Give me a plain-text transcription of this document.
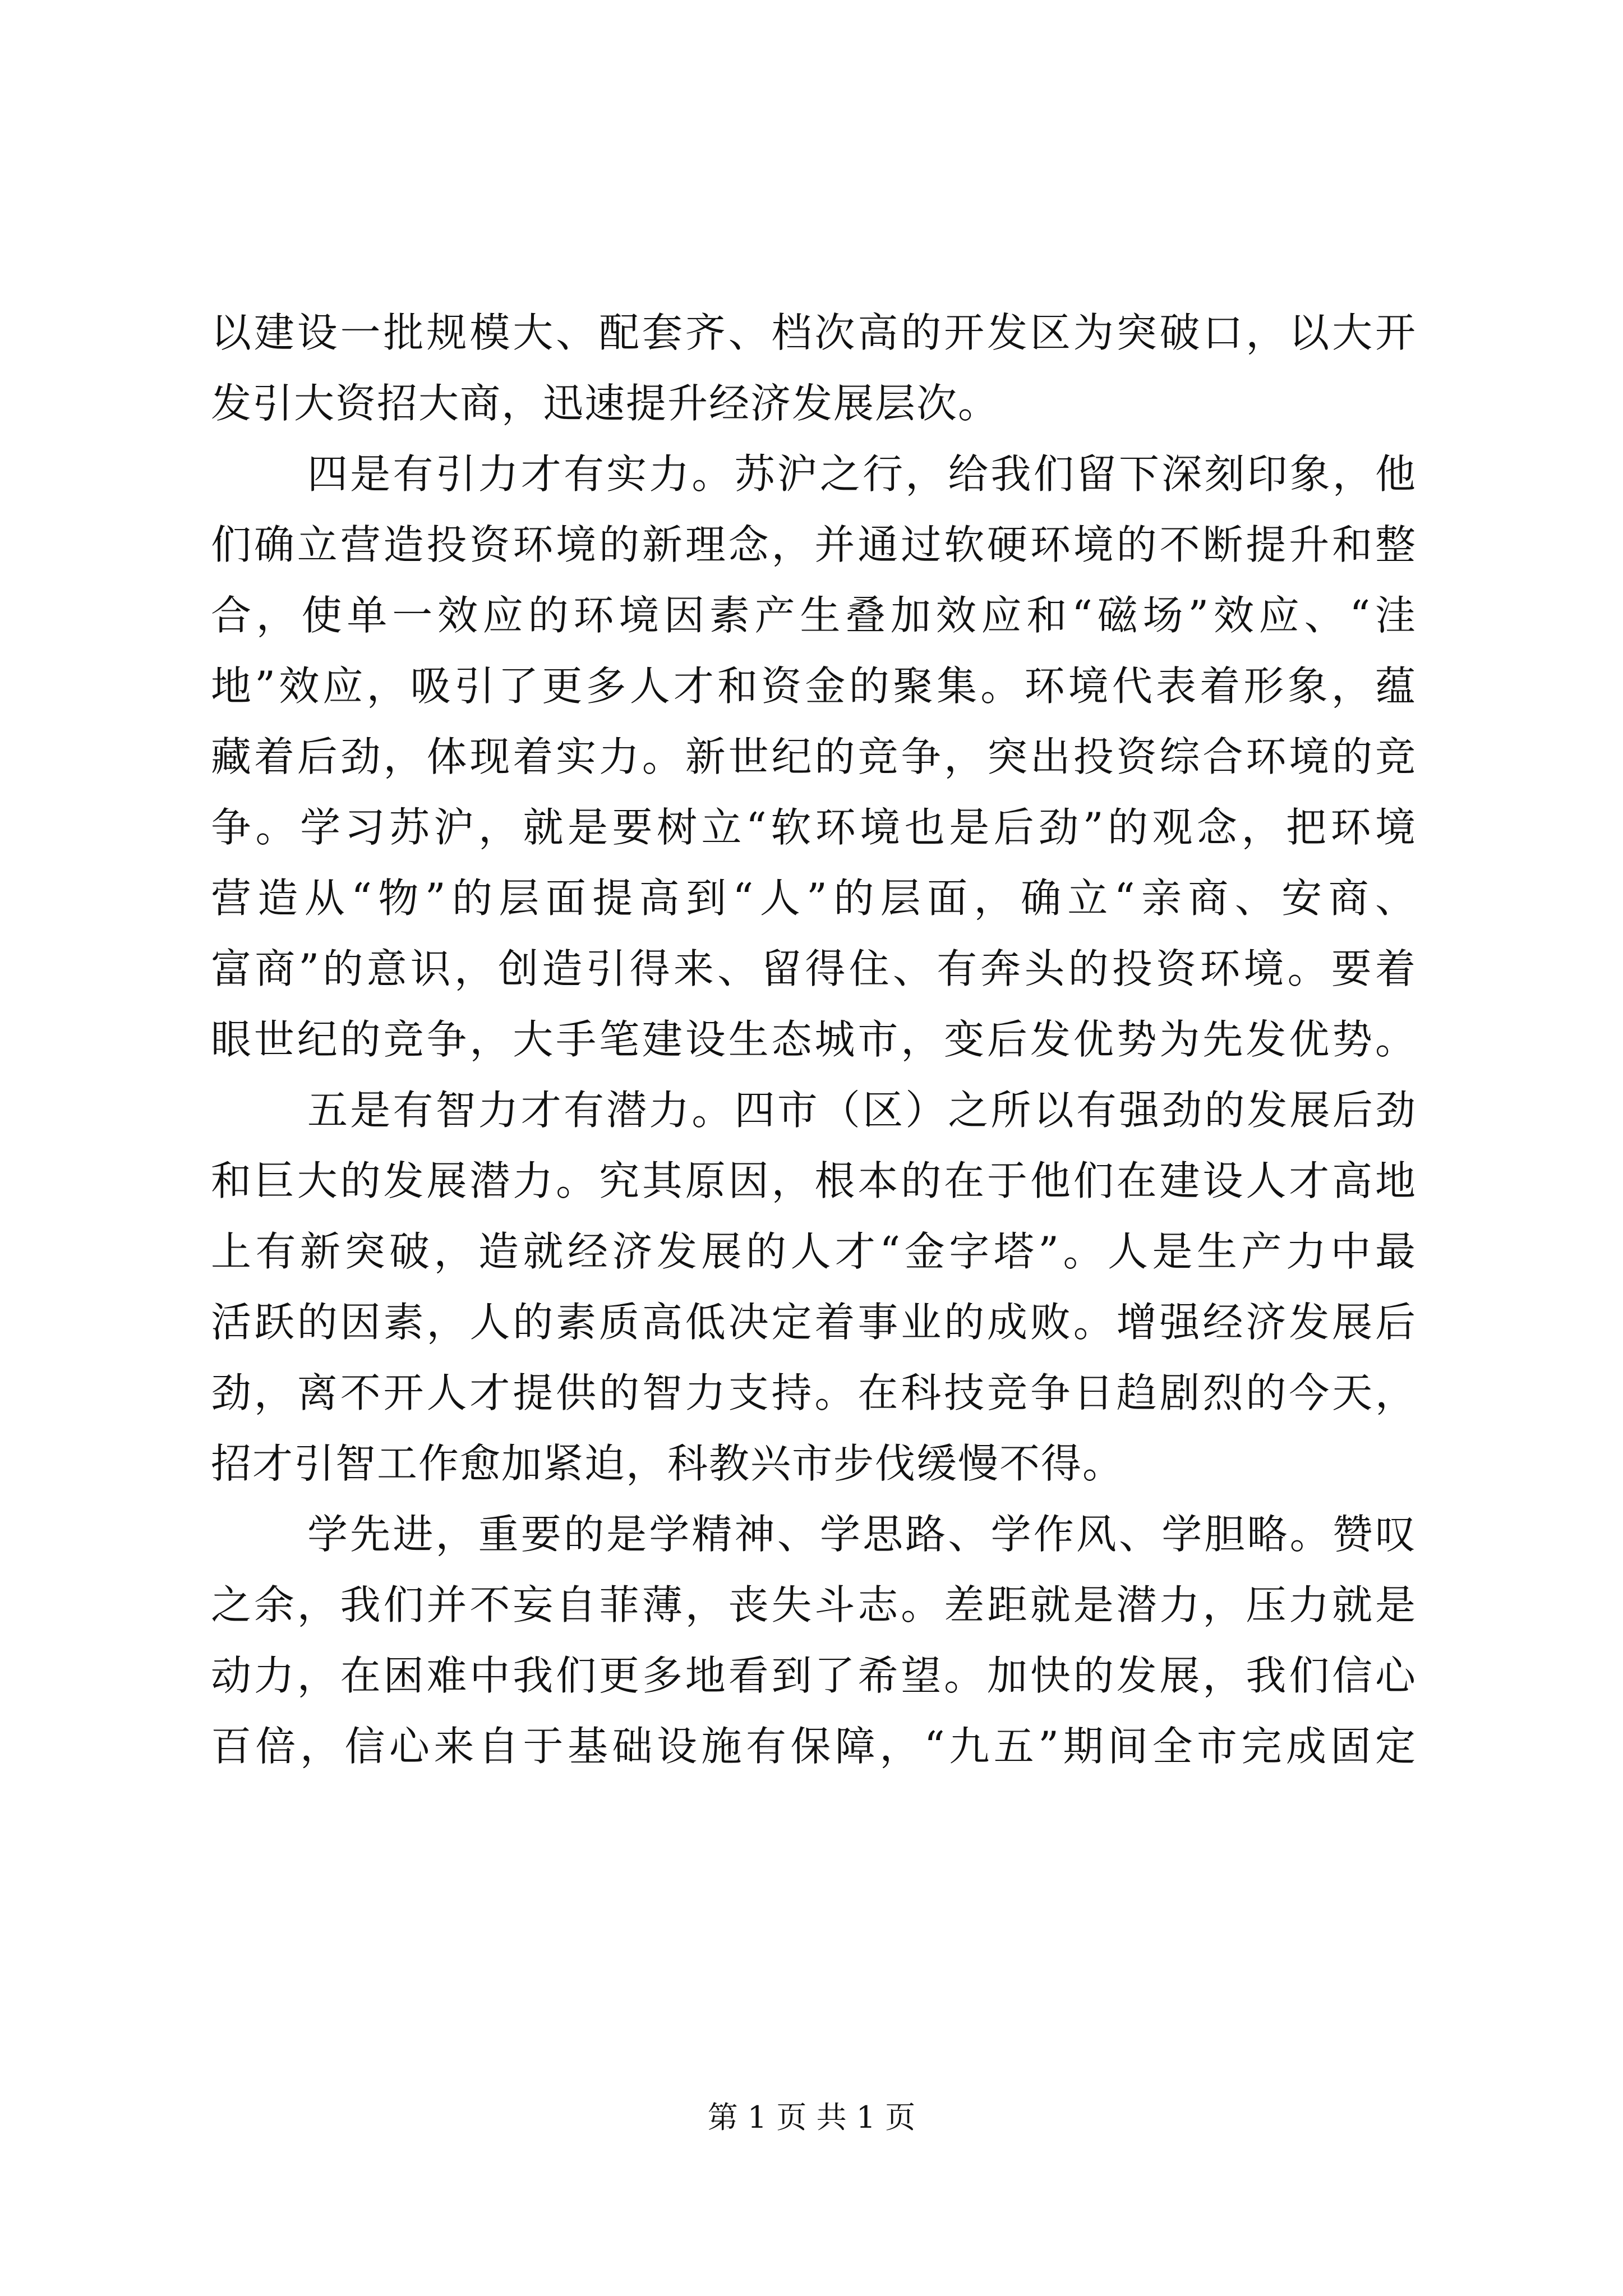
以建设一批规模大、配套齐、档次高的开发区为突破口，以大开
发引大资招大商，迅速提升经济发展层次。
四是有引力才有实力。苏沪之行，给我们留下深刻印象，他
们确立营造投资环境的新理念，并通过软硬环境的不断提升和整
合，使单一效应的环境因素产生叠加效应和“磁场”效应、“洼
地”效应，吸引了更多人才和资金的聚集。环境代表着形象，蕴
藏着后劲，体现着实力。新世纪的竞争，突出投资综合环境的竞
争。学习苏沪，就是要树立“软环境也是后劲”的观念，把环境
营造从“物”的层面提高到“人”的层面，确立“亲商、安商、
富商”的意识，创造引得来、留得住、有奔头的投资环境。要着
眼世纪的竞争，大手笔建设生态城市，变后发优势为先发优势。
五是有智力才有潜力。四市（区）之所以有强劲的发展后劲
和巨大的发展潜力。究其原因，根本的在于他们在建设人才高地
上有新突破，造就经济发展的人才“金字塔”。人是生产力中最
活跃的因素，人的素质高低决定着事业的成败。增强经济发展后
劲，离不开人才提供的智力支持。在科技竞争日趋剧烈的今天，
招才引智工作愈加紧迫，科教兴市步伐缓慢不得。
学先进，重要的是学精神、学思路、学作风、学胆略。赞叹
之余，我们并不妄自菲薄，丧失斗志。差距就是潜力，压力就是
动力，在困难中我们更多地看到了希望。加快的发展，我们信心
百倍，信心来自于基础设施有保障，“九五”期间全市完成固定
第 1 页 共 1 页
